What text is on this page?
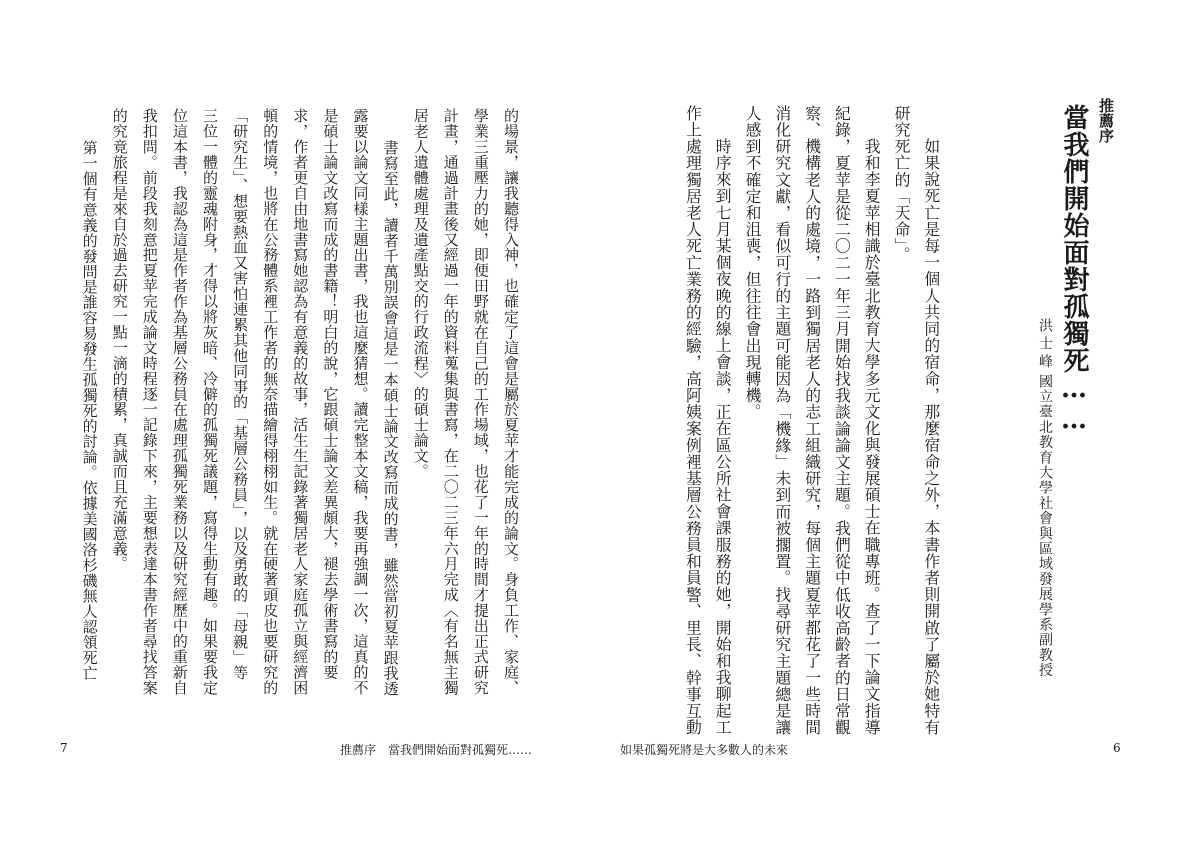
的場景，讓我聽得入神，也確定了這會是屬於夏苹才能完成的論文。身負工作、家庭、
學業三重壓力的她，即便田野就在自己的工作場域，也花了一年的時間才提出正式研究
計畫，通過計畫後又經過一年的資料蒐集與書寫，在二〇二三年六月完成〈有名無主獨
居老人遺體處理及遺產點交的行政流程〉的碩士論文。
書寫至此，讀者千萬別誤會這是一本碩士論文改寫而成的書，雖然當初夏苹跟我透
露要以論文同樣主題出書，我也這麼猜想。讀完整本文稿，我要再強調一次，這真的不
是碩士論文改寫而成的書籍！明白的說，它跟碩士論文差異頗大，褪去學術書寫的要
求，作者更自由地書寫她認為有意義的故事，活生生記錄著獨居老人家庭孤立與經濟困
頓的情境，也將在公務體系裡工作者的無奈描繪得栩栩如生。就在硬著頭皮也要研究的
「研究生」、想要熱血又害怕連累其他同事的「基層公務員」，以及勇敢的「母親」等
三位一體的靈魂附身，才得以將灰暗、冷僻的孤獨死議題，寫得生動有趣。如果要我定
位這本書，我認為這是作者作為基層公務員在處理孤獨死業務以及研究經歷中的重新自
我扣問。前段我刻意把夏苹完成論文時程逐一記錄下來，主要想表達本書作者尋找答案
的究竟旅程是來自於過去研究一點一滴的積累，真誠而且充滿意義。
第一個有意義的發問是誰容易發生孤獨死的討論。依據美國洛杉磯無人認領死亡
7	推薦序　當我們開始面對孤獨死……
推薦序
當我們開始面對孤獨死……
洪士峰
國立臺北教育大學社會與區域發展學系副教授
如果說死亡是每一個人共同的宿命，那麼宿命之外，本書作者則開啟了屬於她特有
研究死亡的「天命」。
我和李夏苹相識於臺北教育大學多元文化與發展碩士在職專班。查了一下論文指導
紀錄，夏苹是從二〇二一年三月開始找我談論論文主題。我們從中低收高齡者的日常觀
察、機構老人的處境，一路到獨居老人的志工組織研究，每個主題夏苹都花了一些時間
消化研究文獻，看似可行的主題可能因為「機緣」未到而被擱置。找尋研究主題總是讓
人感到不確定和沮喪，但往往會出現轉機。
時序來到七月某個夜晚的線上會談，正在區公所社會課服務的她，開始和我聊起工
作上處理獨居老人死亡業務的經驗，高阿姨案例裡基層公務員和員警、里長、幹事互動
如果孤獨死將是大多數人的未來	6
